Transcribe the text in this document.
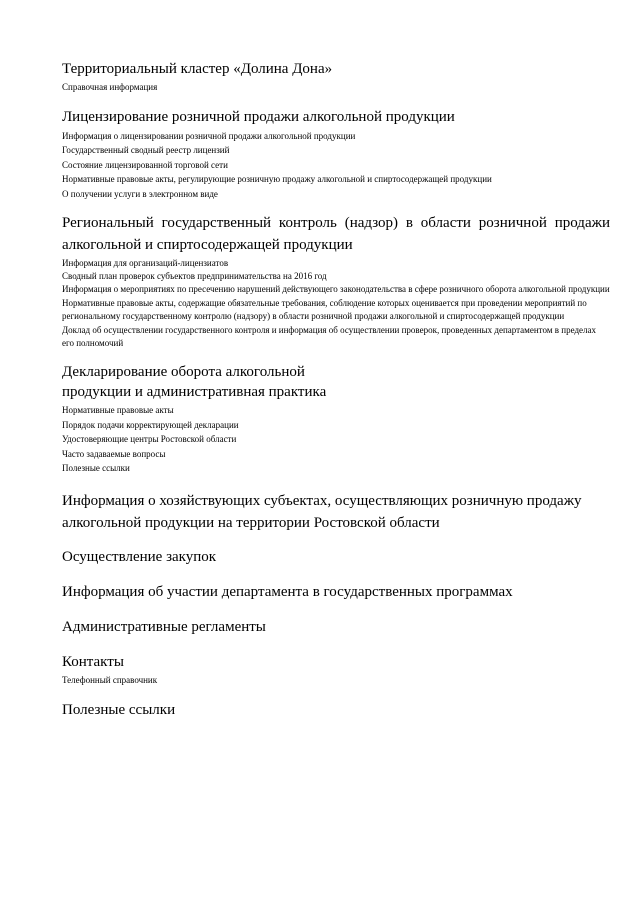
Территориальный кластер «Долина Дона»
Справочная информация
Лицензирование розничной продажи алкогольной продукции
Информация о лицензировании розничной продажи алкогольной продукции
Государственный сводный реестр лицензий
Состояние лицензированной торговой сети
Нормативные правовые акты, регулирующие розничную продажу алкогольной и спиртосодержащей продукции
О получении услуги в электронном виде
Региональный государственный контроль (надзор) в области розничной продажи алкогольной и спиртосодержащей продукции
Информация для организаций-лицензиатов
Сводный план проверок субъектов предпринимательства на 2016 год
Информация о мероприятиях по пресечению нарушений действующего законодательства в сфере розничного оборота алкогольной продукции
Нормативные правовые акты, содержащие обязательные требования, соблюдение которых оценивается при проведении мероприятий по региональному государственному контролю (надзору) в области розничной продажи алкогольной и спиртосодержащей продукции
Доклад об осуществлении государственного контроля и информация об осуществлении проверок, проведенных департаментом в пределах его полномочий
Декларирование оборота алкогольной
продукции и административная практика
Нормативные правовые акты
Порядок подачи корректирующей декларации
Удостоверяющие центры Ростовской области
Часто задаваемые вопросы
Полезные ссылки
Информация о хозяйствующих субъектах, осуществляющих розничную продажу алкогольной продукции на территории Ростовской области
Осуществление закупок
Информация об участии департамента в государственных программах
Административные регламенты
Контакты
Телефонный справочник
Полезные ссылки
